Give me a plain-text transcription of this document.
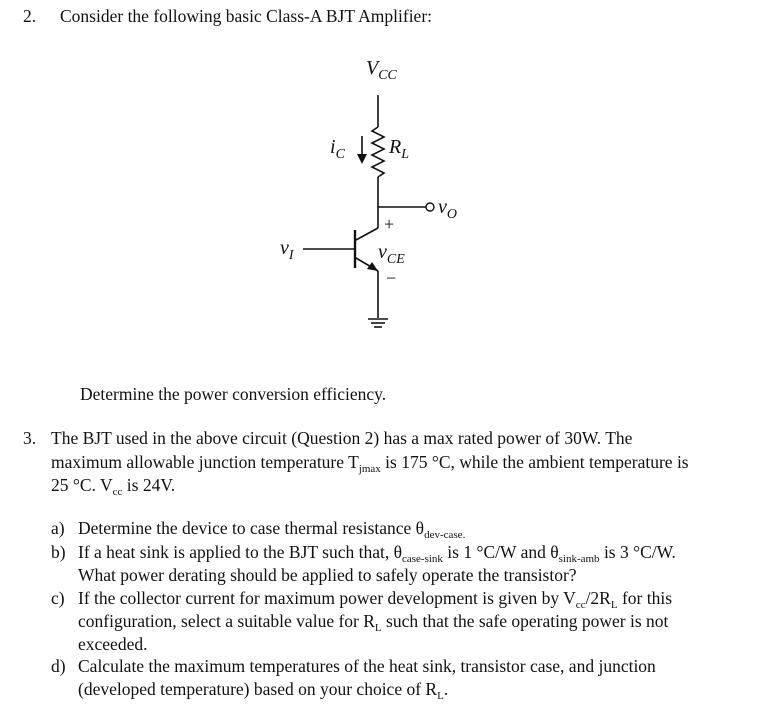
2. Consider the following basic Class-A BJT Amplifier:
$V_{CC}$
$i_C$ $R_L$
$v_O$
$v_I$
+
$v_{CE}$
−
Determine the power conversion efficiency.
3. The BJT used in the above circuit (Question 2) has a max rated power of 30W. The
maximum allowable junction temperature $T_{jmax}$ is 175 °C, while the ambient temperature is
25 °C. $V_{cc}$ is 24V.
a) Determine the device to case thermal resistance $\theta_{dev-case.}$
b) If a heat sink is applied to the BJT such that, $\theta_{case-sink}$ is 1 °C/W and $\theta_{sink-amb}$ is 3 °C/W.
What power derating should be applied to safely operate the transistor?
c) If the collector current for maximum power development is given by $V_{cc}/2R_L$ for this
configuration, select a suitable value for $R_L$ such that the safe operating power is not
exceeded.
d) Calculate the maximum temperatures of the heat sink, transistor case, and junction
(developed temperature) based on your choice of $R_L$.
